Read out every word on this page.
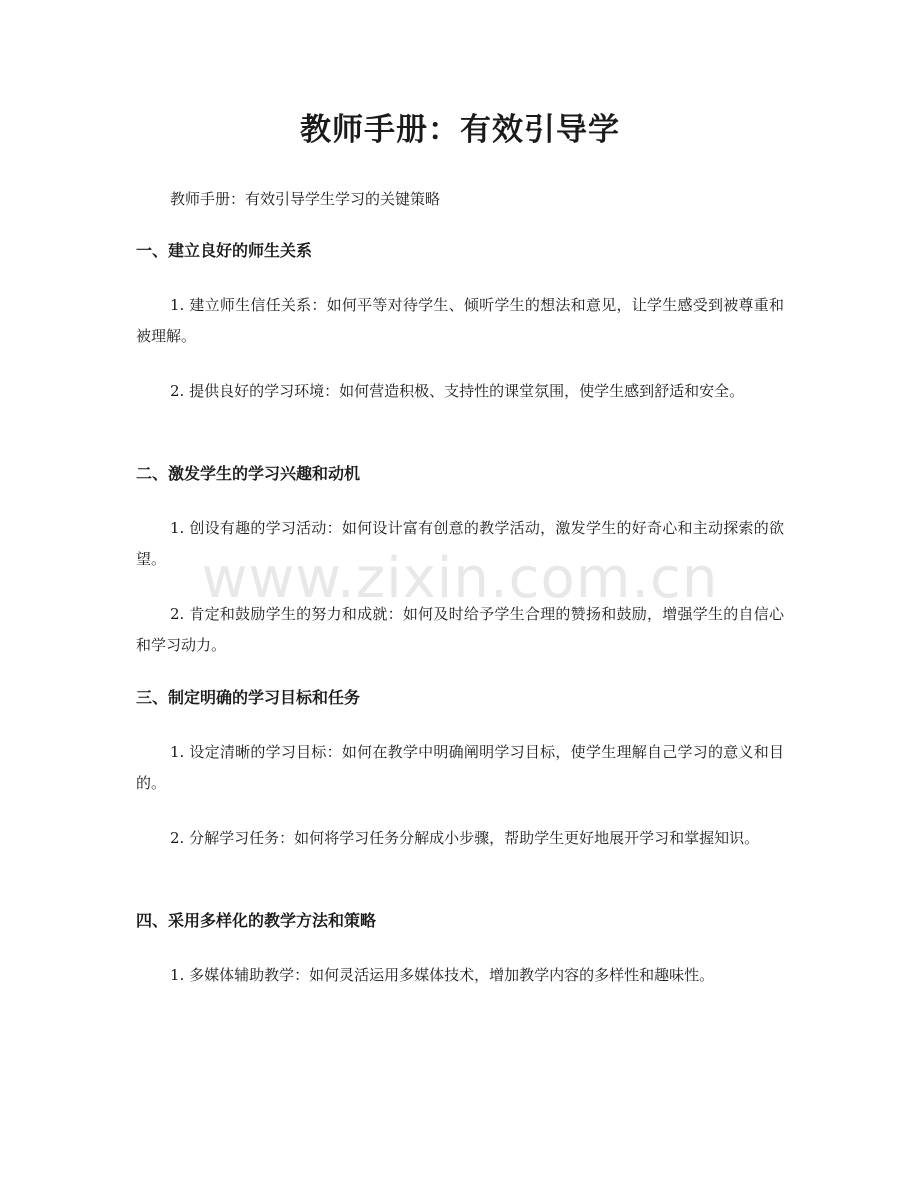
教师手册：有效引导学
教师手册：有效引导学生学习的关键策略
一、建立良好的师生关系
1. 建立师生信任关系：如何平等对待学生、倾听学生的想法和意见，让学生感受到被尊重和被理解。
2. 提供良好的学习环境：如何营造积极、支持性的课堂氛围，使学生感到舒适和安全。
二、激发学生的学习兴趣和动机
1. 创设有趣的学习活动：如何设计富有创意的教学活动，激发学生的好奇心和主动探索的欲望。
2. 肯定和鼓励学生的努力和成就：如何及时给予学生合理的赞扬和鼓励，增强学生的自信心和学习动力。
三、制定明确的学习目标和任务
1. 设定清晰的学习目标：如何在教学中明确阐明学习目标，使学生理解自己学习的意义和目的。
2. 分解学习任务：如何将学习任务分解成小步骤，帮助学生更好地展开学习和掌握知识。
四、采用多样化的教学方法和策略
1. 多媒体辅助教学：如何灵活运用多媒体技术，增加教学内容的多样性和趣味性。
www.zixin.com.cn
